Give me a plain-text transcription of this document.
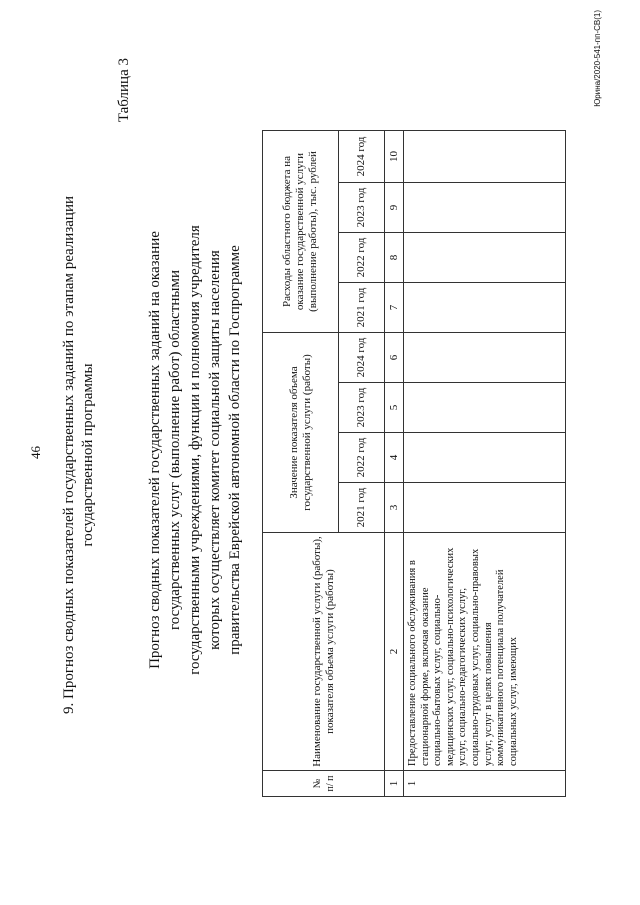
46 9. Прогноз сводных показателей государственных заданий по этапам реализации государственной программы
Таблица 3
Прогноз сводных показателей государственных заданий на оказание государственных услуг (выполнение работ) областными государственными учреждениями, функции и полномочия учредителя которых осуществляет комитет социальной защиты населения правительства Еврейской автономной области по Госпрограмме
№ п/ п	Наименование государственной услуги (работы), показателя объема услуги (работы)	Значение показателя объема государственной услуги (работы)				Расходы областного бюджета на оказание государственной услуги (выполнение работы), тыс. рублей			
		2021 год	2022 год	2023 год	2024 год	2021 год	2022 год	2023 год	2024 год
1	2	3	4	5	6	7	8	9	10
1	Предоставление социального обслуживания в стационарной форме, включая оказание социально-бытовых услуг, социально-медицинских услуг, социально-психологических услуг, социально-педагогических услуг, социально-трудовых услуг, социально-правовых услуг, услуг в целях повышения коммуникативного потенциала получателей социальных услуг, имеющих								
Юрина/2020-541-пп-СВ(1)
